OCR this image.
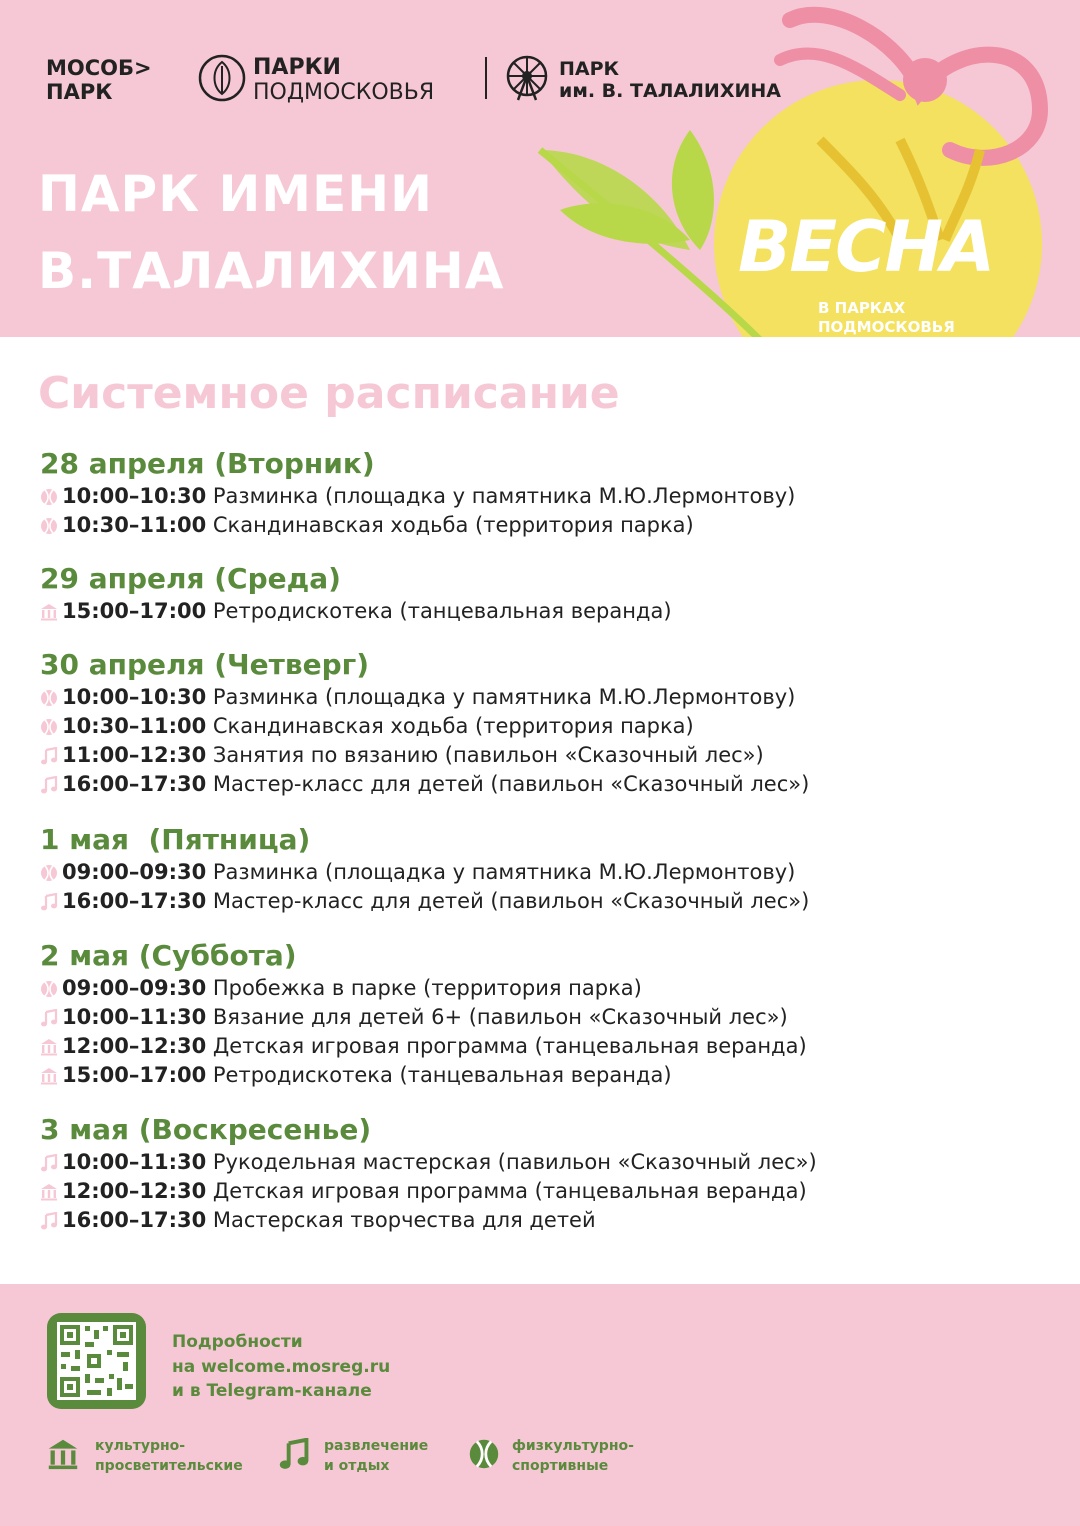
МОСОБ>
ПАРК
ПАРКИ
ПОДМОСКОВЬЯ
ПАРК
им. В. ТАЛАЛИХИНА
ПАРК ИМЕНИ
В.ТАЛАЛИХИНА	ВЕСНА
В ПАРКАХ
ПОДМОСКОВЬЯ
Системное расписание
28 апреля (Вторник)
10:00–10:30 Разминка (площадка у памятника М.Ю.Лермонтову)
10:30–11:00 Скандинавская ходьба (территория парка)
29 апреля (Среда)
15:00–17:00 Ретродискотека (танцевальная веранда)
30 апреля (Четверг)
10:00–10:30 Разминка (площадка у памятника М.Ю.Лермонтову)
10:30–11:00 Скандинавская ходьба (территория парка)
11:00–12:30 Занятия по вязанию (павильон «Сказочный лес»)
16:00–17:30 Мастер-класс для детей (павильон «Сказочный лес»)
1 мая  (Пятница)
09:00–09:30 Разминка (площадка у памятника М.Ю.Лермонтову)
16:00–17:30 Мастер-класс для детей (павильон «Сказочный лес»)
2 мая (Суббота)
09:00–09:30 Пробежка в парке (территория парка)
10:00–11:30 Вязание для детей 6+ (павильон «Сказочный лес»)
12:00–12:30 Детская игровая программа (танцевальная веранда)
15:00–17:00 Ретродискотека (танцевальная веранда)
3 мая (Воскресенье)
10:00–11:30 Рукодельная мастерская (павильон «Сказочный лес»)
12:00–12:30 Детская игровая программа (танцевальная веранда)
16:00–17:30 Мастерская творчества для детей
Подробности
на welcome.mosreg.ru
и в Telegram-канале
культурно-
просветительские
развлечение
и отдых
физкультурно-
спортивные
